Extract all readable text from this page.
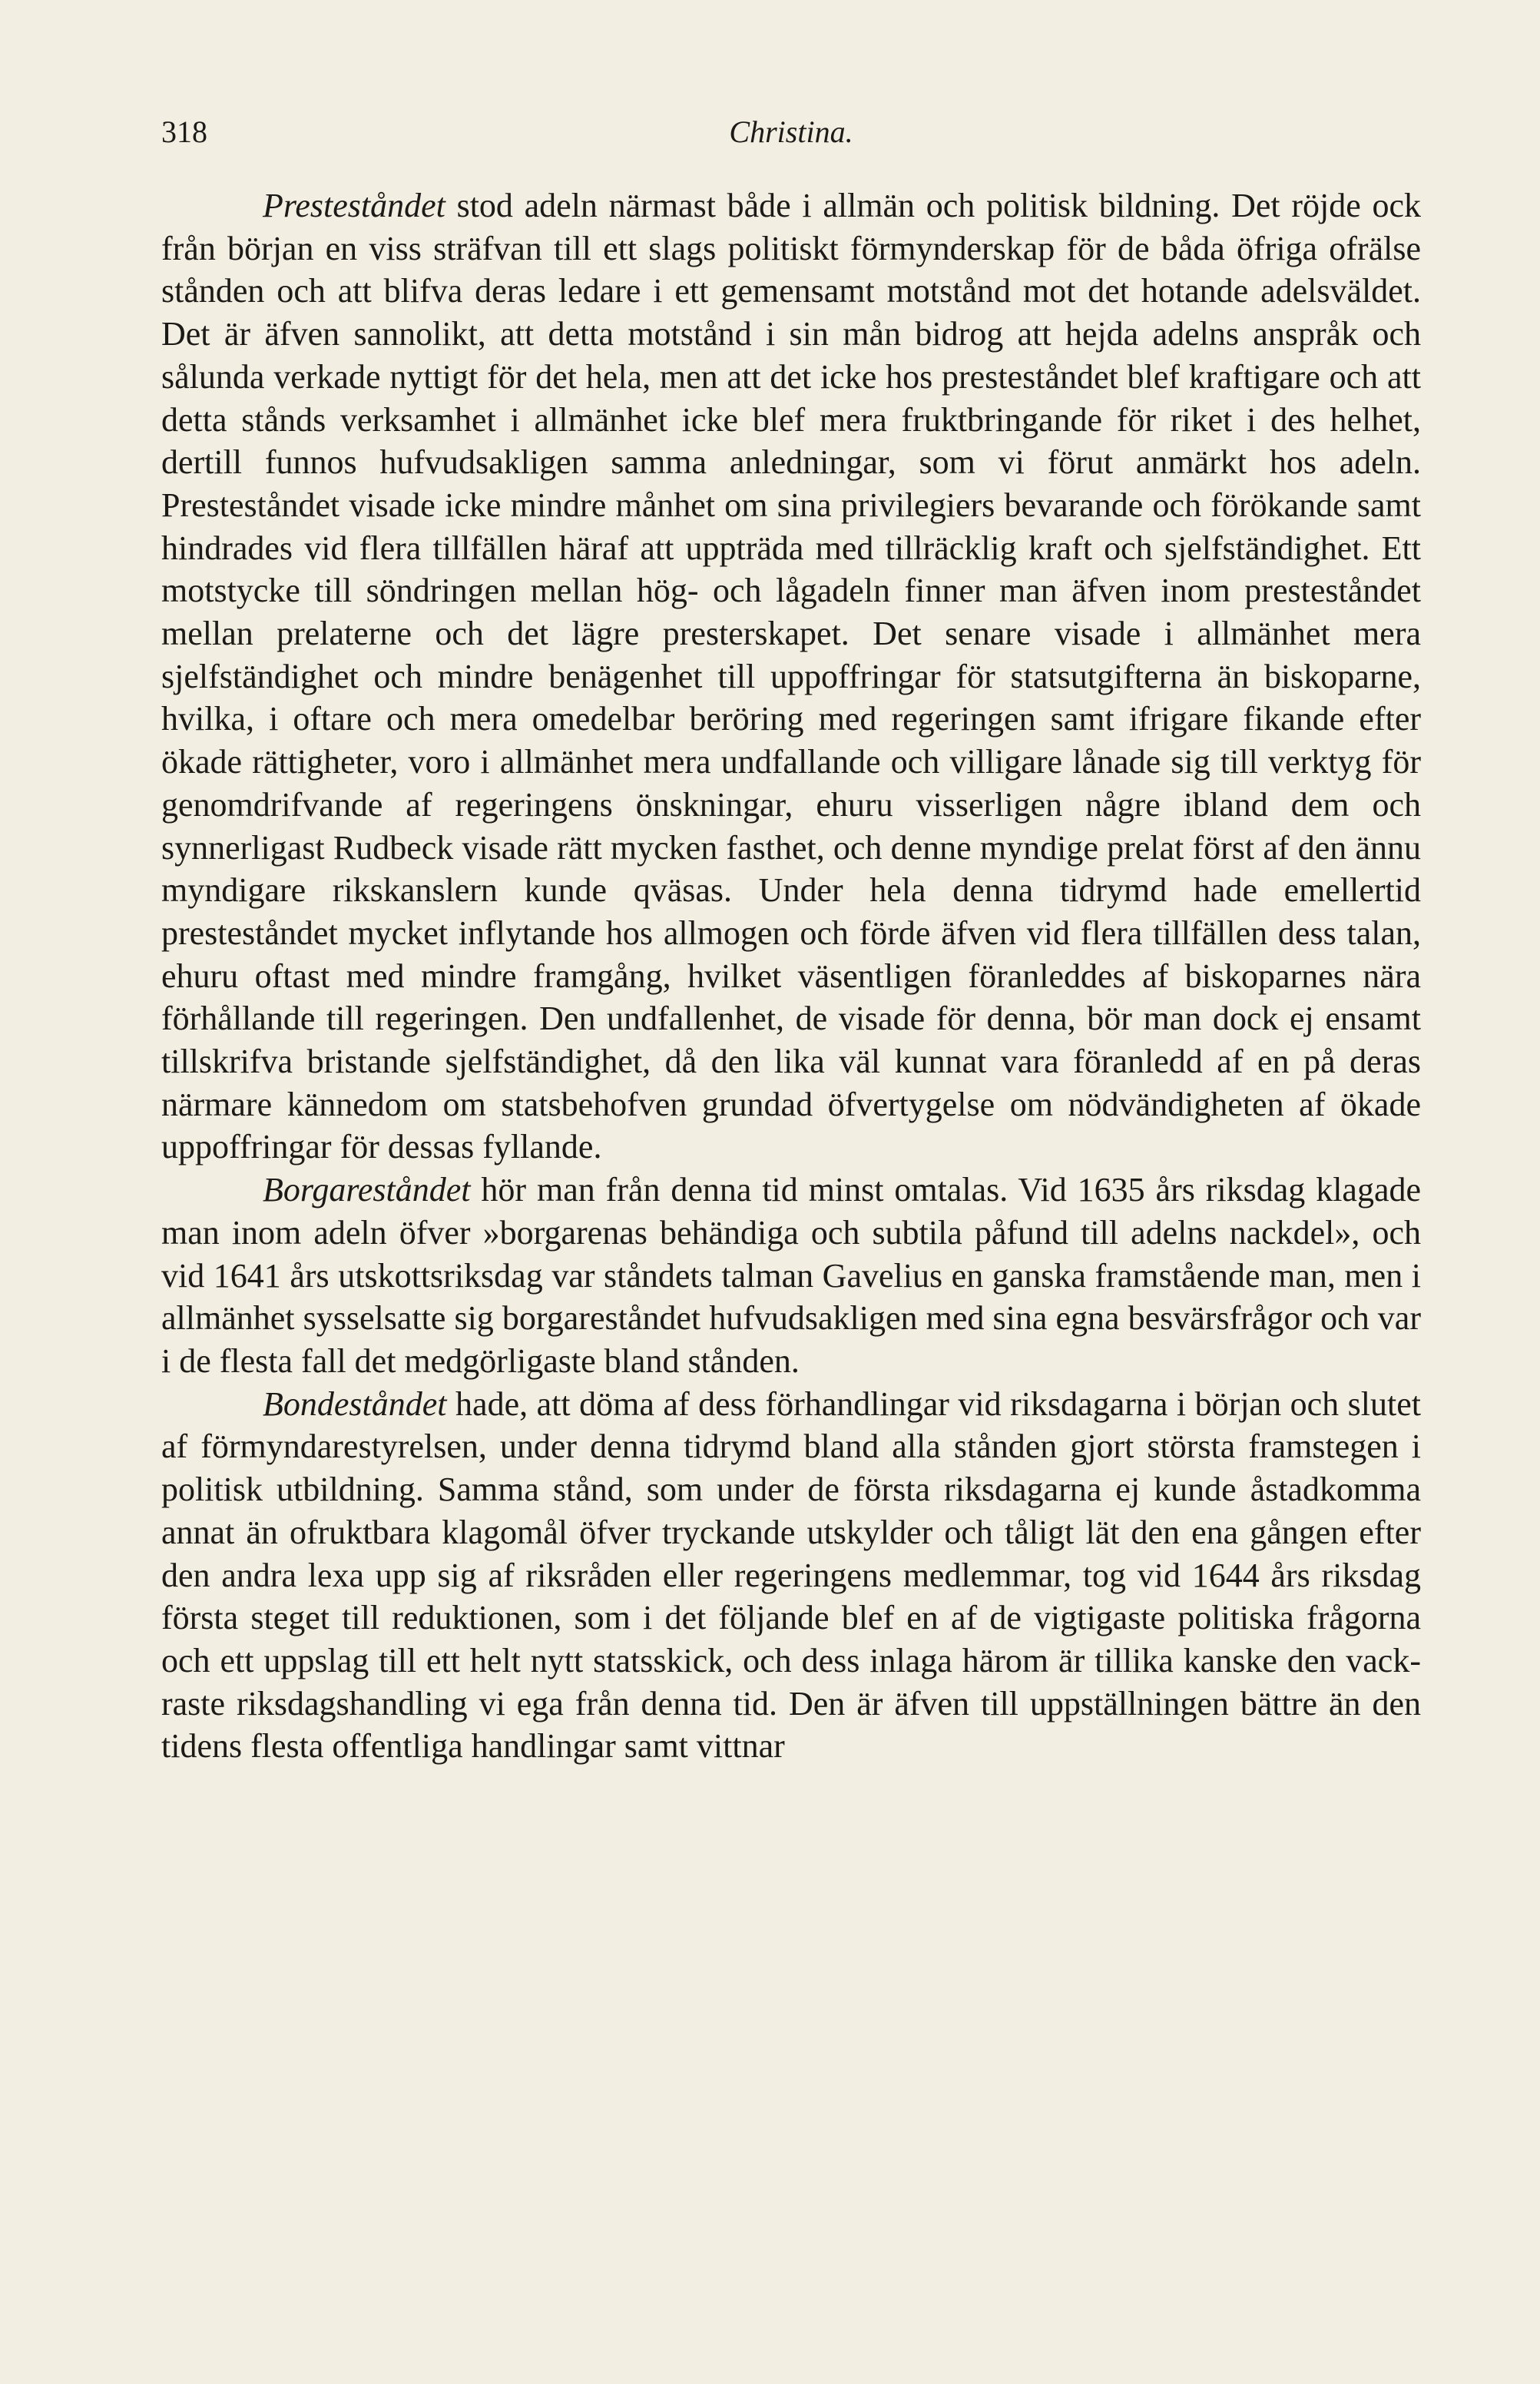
318	Christina.

Presteståndet stod adeln närmast både i allmän och politisk bildning. Det röjde ock från början en viss sträfvan till ett slags politiskt förmynderskap för de båda öfriga ofrälse stånden och att blifva deras ledare i ett gemensamt motstånd mot det hotande adelsväldet. Det är äfven sannolikt, att detta motstånd i sin mån bidrog att hejda adelns anspråk och sålunda verkade nyttigt för det hela, men att det icke hos presteståndet blef kraftigare och att detta stånds verksamhet i allmänhet icke blef mera fruktbringande för riket i des helhet, dertill funnos hufvudsakligen samma anledningar, som vi förut anmärkt hos adeln. Presteståndet visade icke mindre månhet om sina privilegiers bevarande och förökande samt hindrades vid flera tillfällen häraf att uppträda med tillräcklig kraft och sjelfständighet. Ett motstycke till söndringen mellan hög- och lågadeln finner man äfven inom presteståndet mellan prelaterne och det lägre presterskapet. Det senare visade i allmänhet mera sjelfständighet och mindre benägenhet till uppoffringar för statsutgifterna än biskoparne, hvilka, i oftare och mera omedelbar beröring med regeringen samt ifrigare fikande efter ökade rättigheter, voro i allmänhet mera undfallande och villigare lånade sig till verktyg för genomdrifvande af regeringens önskningar, ehuru visserligen någre ibland dem och synnerligast Rudbeck visade rätt mycken fasthet, och denne myndige prelat först af den ännu myndigare rikskanslern kunde qväsas. Under hela denna tidrymd hade emellertid presteståndet mycket inflytande hos allmogen och förde äfven vid flera tillfällen dess talan, ehuru oftast med mindre framgång, hvilket väsentligen föranleddes af biskoparnes nära förhållande till regeringen. Den undfallenhet, de visade för denna, bör man dock ej ensamt tillskrifva bristande sjelfständighet, då den lika väl kunnat vara föranledd af en på deras närmare kännedom om statsbehofven grundad öfvertygelse om nödvändigheten af ökade uppoffringar för dessas fyllande.

Borgareståndet hör man från denna tid minst omtalas. Vid 1635 års riksdag klagade man inom adeln öfver »borgarenas behändiga och subtila påfund till adelns nackdel», och vid 1641 års utskottsriksdag var ståndets talman Gavelius en ganska framstående man, men i allmänhet sysselsatte sig borgareståndet hufvudsakligen med sina egna besvärsfrågor och var i de flesta fall det medgörligaste bland stånden.

Bondeståndet hade, att döma af dess förhandlingar vid riksdagarna i början och slutet af förmyndarestyrelsen, under denna tidrymd bland alla stånden gjort största framstegen i politisk utbildning. Samma stånd, som under de första riksdagarna ej kunde åstadkomma annat än ofruktbara klagomål öfver tryckande utskylder och tåligt lät den ena gången efter den andra lexa upp sig af riksråden eller regeringens medlemmar, tog vid 1644 års riksdag första steget till reduktionen, som i det följande blef en af de vigtigaste politiska frågorna och ett uppslag till ett helt nytt statsskick, och dess inlaga härom är tillika kanske den vackraste riksdagshandling vi ega från denna tid. Den är äfven till uppställningen bättre än den tidens flesta offentliga handlingar samt vittnar
